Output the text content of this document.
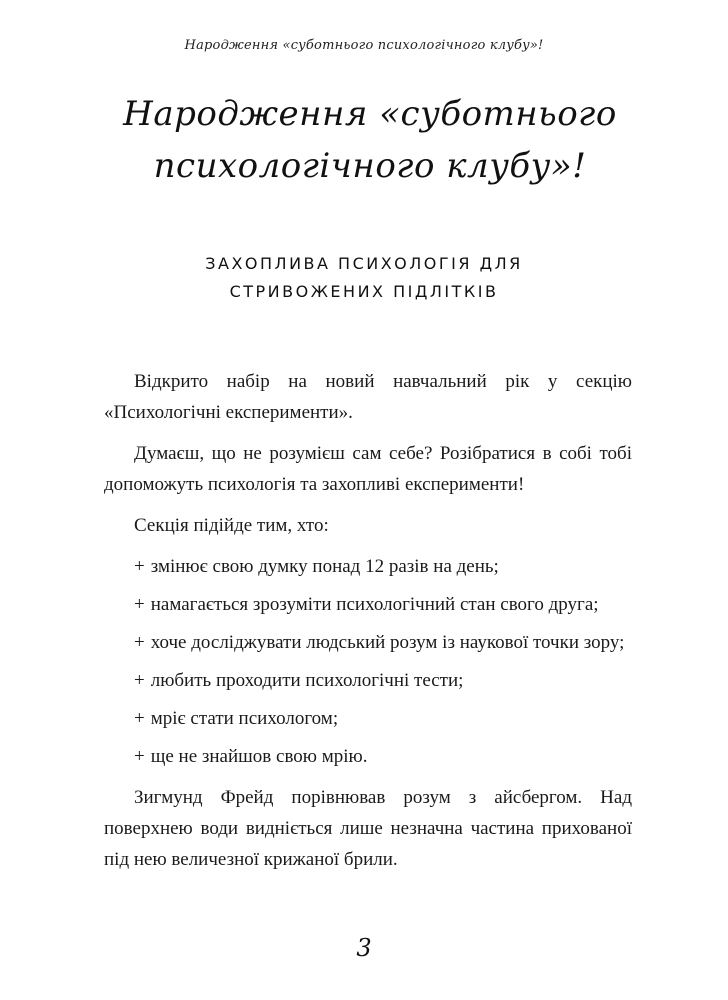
Народження «суботнього психологічного клубу»!
Народження «суботнього
психологічного клубу»!
ЗАХОПЛИВА ПСИХОЛОГІЯ ДЛЯ
СТРИВОЖЕНИХ ПІДЛІТКІВ

Відкрито набір на новий навчальний рік у секцію «Психологічні експерименти».

Думаєш, що не розумієш сам себе? Розібратися в собі тобі допоможуть психологія та захопливі експерименти!

Секція підійде тим, хто:

+ змінює свою думку понад 12 разів на день;
+ намагається зрозуміти психологічний стан свого друга;
+ хоче досліджувати людський розум із наукової точки зору;
+ любить проходити психологічні тести;
+ мріє стати психологом;
+ ще не знайшов свою мрію.

Зигмунд Фрейд порівнював розум з айсбергом. Над поверхнею води видніється лише незначна частина прихованої під нею величезної крижаної брили.

3
